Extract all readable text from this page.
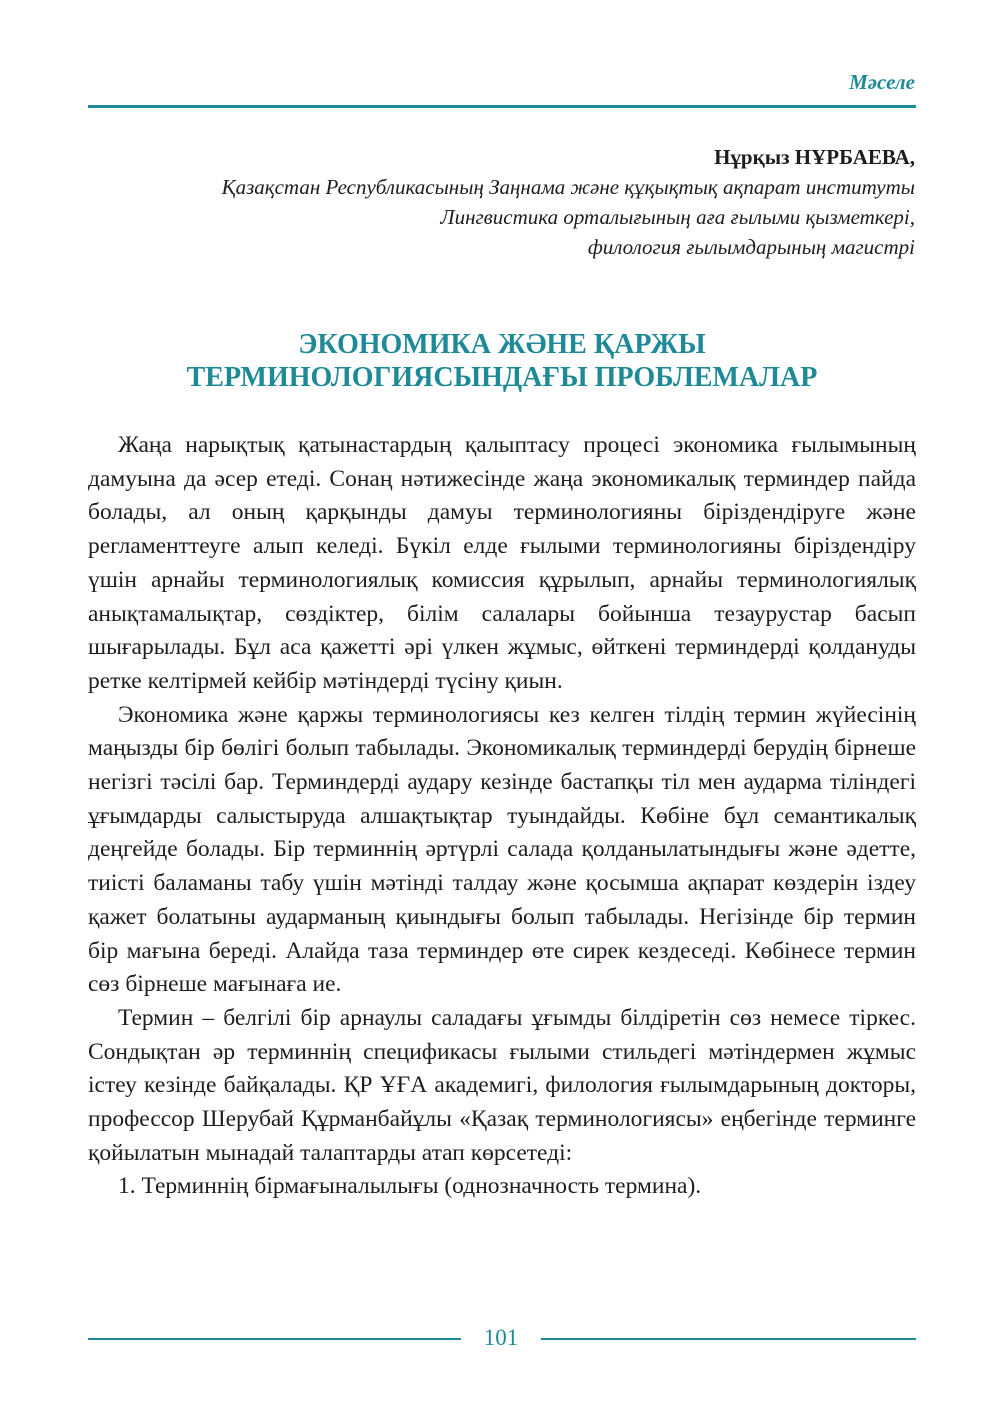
Мәселе
Нұрқыз НҰРБАЕВА,
Қазақстан Республикасының Заңнама және құқықтық ақпарат институты
Лингвистика орталығының аға ғылыми қызметкері,
филология ғылымдарының магистрі
ЭКОНОМИКА ЖӘНЕ ҚАРЖЫ
ТЕРМИНОЛОГИЯСЫНДАҒЫ ПРОБЛЕМАЛАР

Жаңа нарықтық қатынастардың қалыптасу процесі экономика ғылымының дамуына да әсер етеді. Сонaң нәтижесінде жаңа экономикалық терминдер пайда болады, ал оның қарқынды дамуы терминологияны біріздендіруге және регламенттеуге алып келеді. Бүкіл елде ғылыми терминологияны біріздендіру үшін арнайы терминологиялық комиссия құрылып, арнайы терминологиялық анықтамалықтар, сөздіктер, білім салалары бойынша тезаурустар басып шығарылады. Бұл аса қажетті әрі үлкен жұмыс, өйткені терминдерді қолдануды ретке келтірмей кейбір мәтіндерді түсіну қиын.

Экономика және қаржы терминологиясы кез келген тілдің термин жүйесінің маңызды бір бөлігі болып табылады. Экономикалық терминдерді берудің бірнеше негізгі тәсілі бар. Терминдерді аудару кезінде бастапқы тіл мен аударма тіліндегі ұғымдарды салыстыруда алшақтықтар туындайды. Көбіне бұл семантикалық деңгейде болады. Бір терминнің әртүрлі салада қолданылатындығы және әдетте, тиісті баламаны табу үшін мәтінді талдау және қосымша ақпарат көздерін іздеу қажет болатыны аударманың қиындығы болып табылады. Негізінде бір термин бір мағына береді. Алайда таза терминдер өте сирек кездеседі. Көбінесе термин сөз бірнеше мағынаға ие.

Термин – белгілі бір арнаулы саладағы ұғымды білдіретін сөз немесе тіркес. Сондықтан әр терминнің спецификасы ғылыми стильдегі мәтіндермен жұмыс істеу кезінде байқалады. ҚР ҰҒА академигі, филология ғылымдарының докторы, профессор Шерубай Құрманбайұлы «Қазақ терминологиясы» еңбегінде терминге қойылатын мынадай талаптарды атап көрсетеді:

1. Терминнің бірмағыналылығы (однозначность термина).

101
